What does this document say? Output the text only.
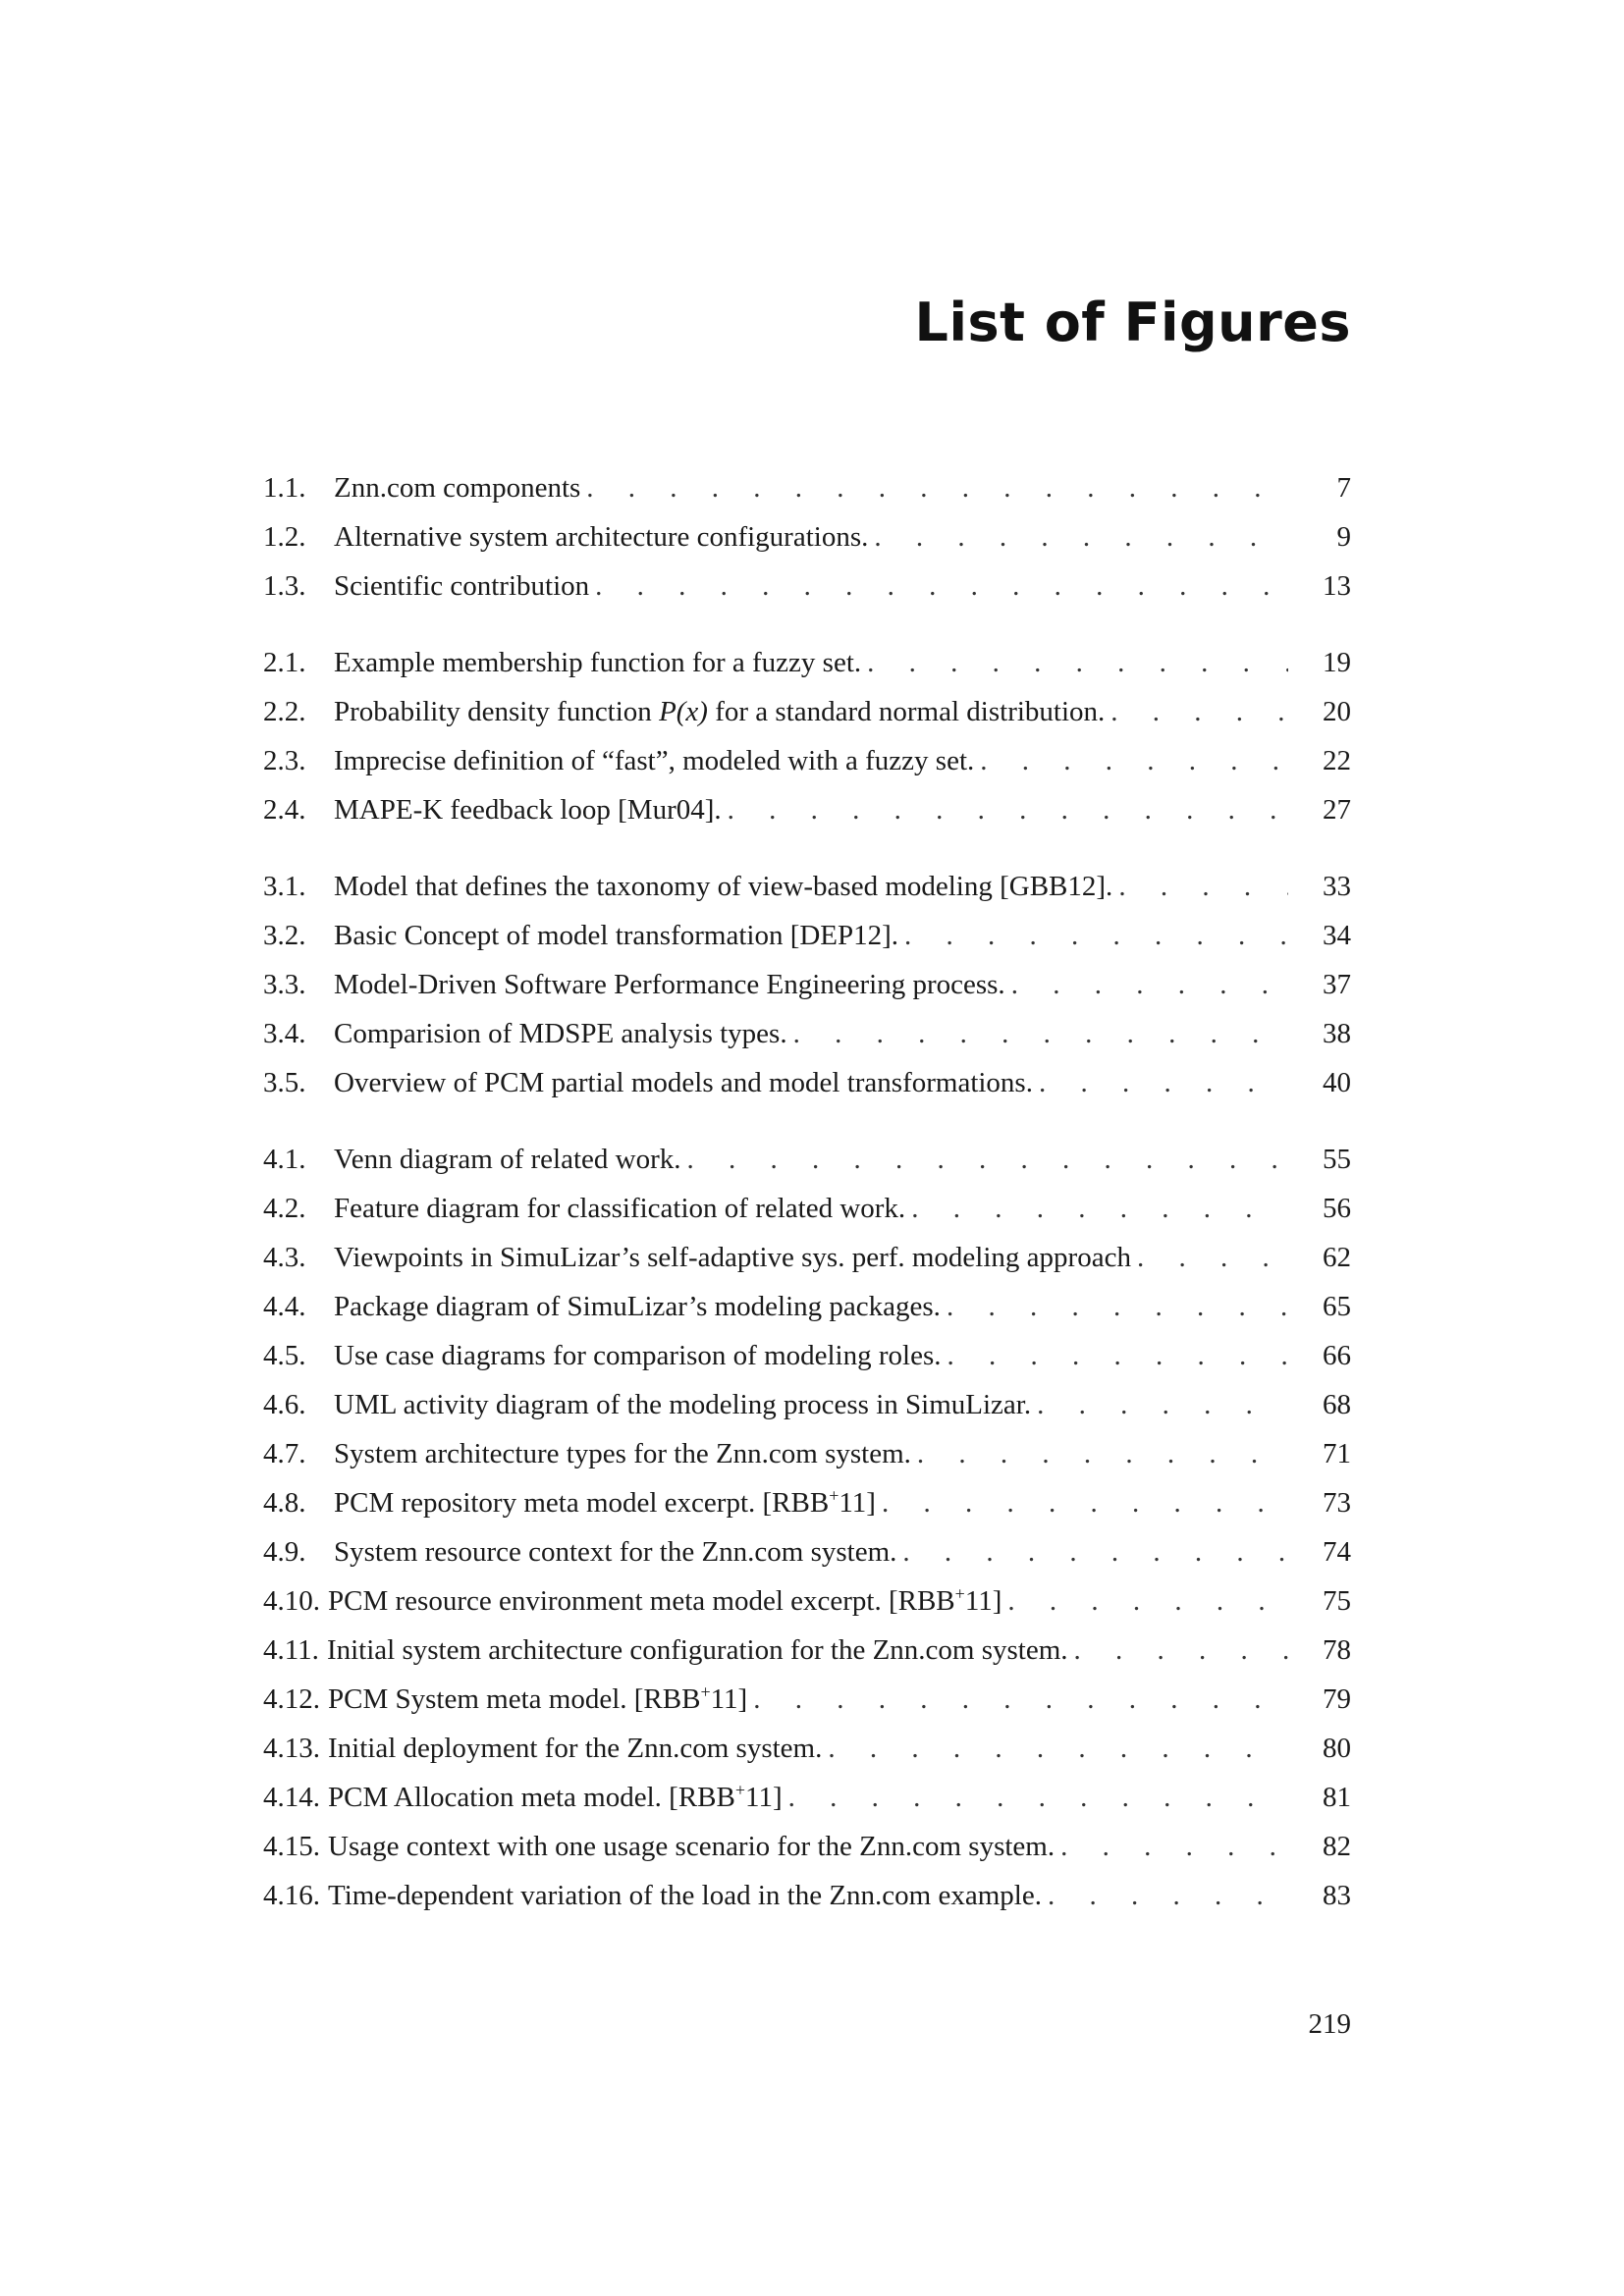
List of Figures
1.1. Znn.com components . . .	7
1.2. Alternative system architecture configurations. . . .	9
1.3. Scientific contribution . . .	13
2.1. Example membership function for a fuzzy set. . . .	19
2.2. Probability density function P(x) for a standard normal distribution. . . .	20
2.3. Imprecise definition of “fast”, modeled with a fuzzy set. . . .	22
2.4. MAPE-K feedback loop [Mur04]. . . .	27
3.1. Model that defines the taxonomy of view-based modeling [GBB12]. . . .	33
3.2. Basic Concept of model transformation [DEP12]. . . .	34
3.3. Model-Driven Software Performance Engineering process. . . .	37
3.4. Comparision of MDSPE analysis types. . . .	38
3.5. Overview of PCM partial models and model transformations. . . .	40
4.1. Venn diagram of related work. . . .	55
4.2. Feature diagram for classification of related work. . . .	56
4.3. Viewpoints in SimuLizar’s self-adaptive sys. perf. modeling approach . . .	62
4.4. Package diagram of SimuLizar’s modeling packages. . . .	65
4.5. Use case diagrams for comparison of modeling roles. . . .	66
4.6. UML activity diagram of the modeling process in SimuLizar. . . .	68
4.7. System architecture types for the Znn.com system. . . .	71
4.8. PCM repository meta model excerpt. [RBB+11] . . .	73
4.9. System resource context for the Znn.com system. . . .	74
4.10. PCM resource environment meta model excerpt. [RBB+11] . . .	75
4.11. Initial system architecture configuration for the Znn.com system. . . .	78
4.12. PCM System meta model. [RBB+11] . . .	79
4.13. Initial deployment for the Znn.com system. . . .	80
4.14. PCM Allocation meta model. [RBB+11] . . .	81
4.15. Usage context with one usage scenario for the Znn.com system. . . .	82
4.16. Time-dependent variation of the load in the Znn.com example. . . .	83
219
